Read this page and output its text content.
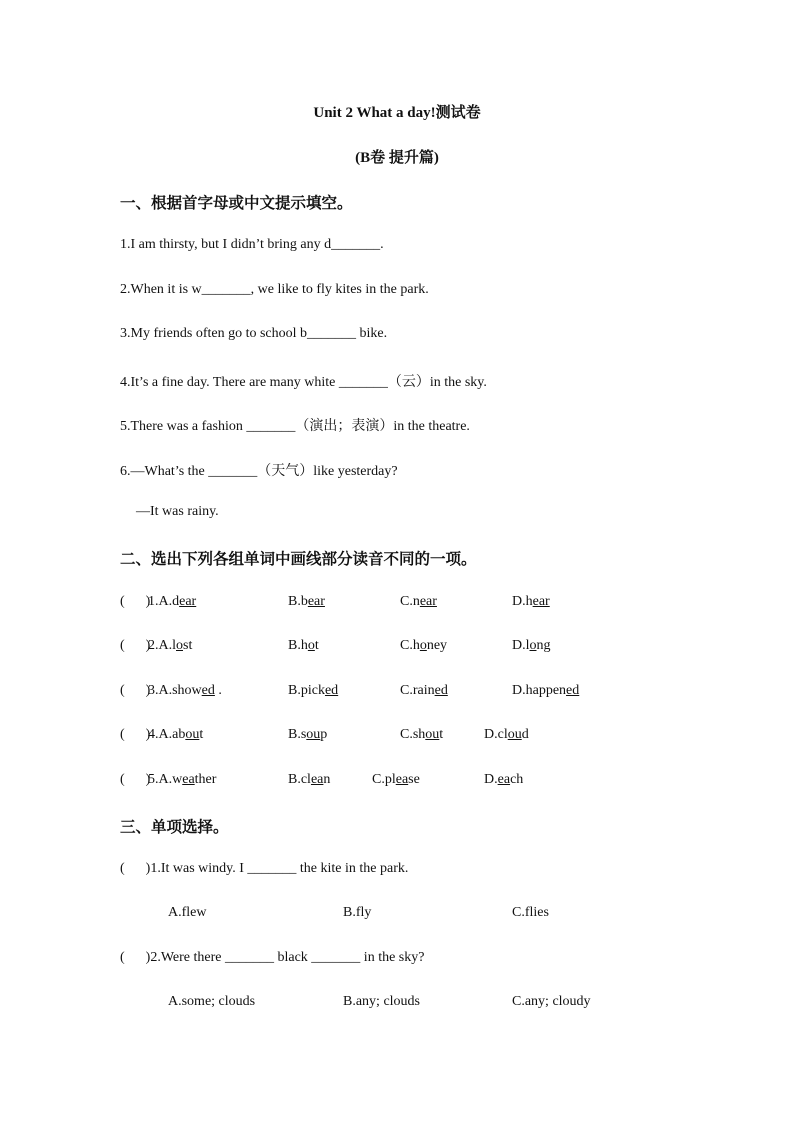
Unit 2 What a day!测试卷
(B卷 提升篇)
一、根据首字母或中文提示填空。
1.I am thirsty, but I didn’t bring any d_______.
2.When it is w_______, we like to fly kites in the park.
3.My friends often go to school b_______ bike.
4.It’s a fine day. There are many white _______（云）in the sky.
5.There was a fashion _______（演出；表演）in the theatre.
6.—What’s the _______（天气）like yesterday?
—It was rainy.
二、选出下列各组单词中画线部分读音不同的一项。
(      )
1.A.dear	B.bear	C.near	D.hear
(      )
2.A.lost	B.hot	C.honey	D.long
(      )
3.A.showed .	B.picked	C.rained	D.happened
(      )
4.A.about	B.soup	C.shout	D.cloud
(      )
5.A.weather	B.clean	C.please	D.each
三、单项选择。
(      )1.It was windy. I _______ the kite in the park.
A.flew	B.fly	C.flies
(      )2.Were there _______ black _______ in the sky?
A.some; clouds	B.any; clouds	C.any; cloudy
